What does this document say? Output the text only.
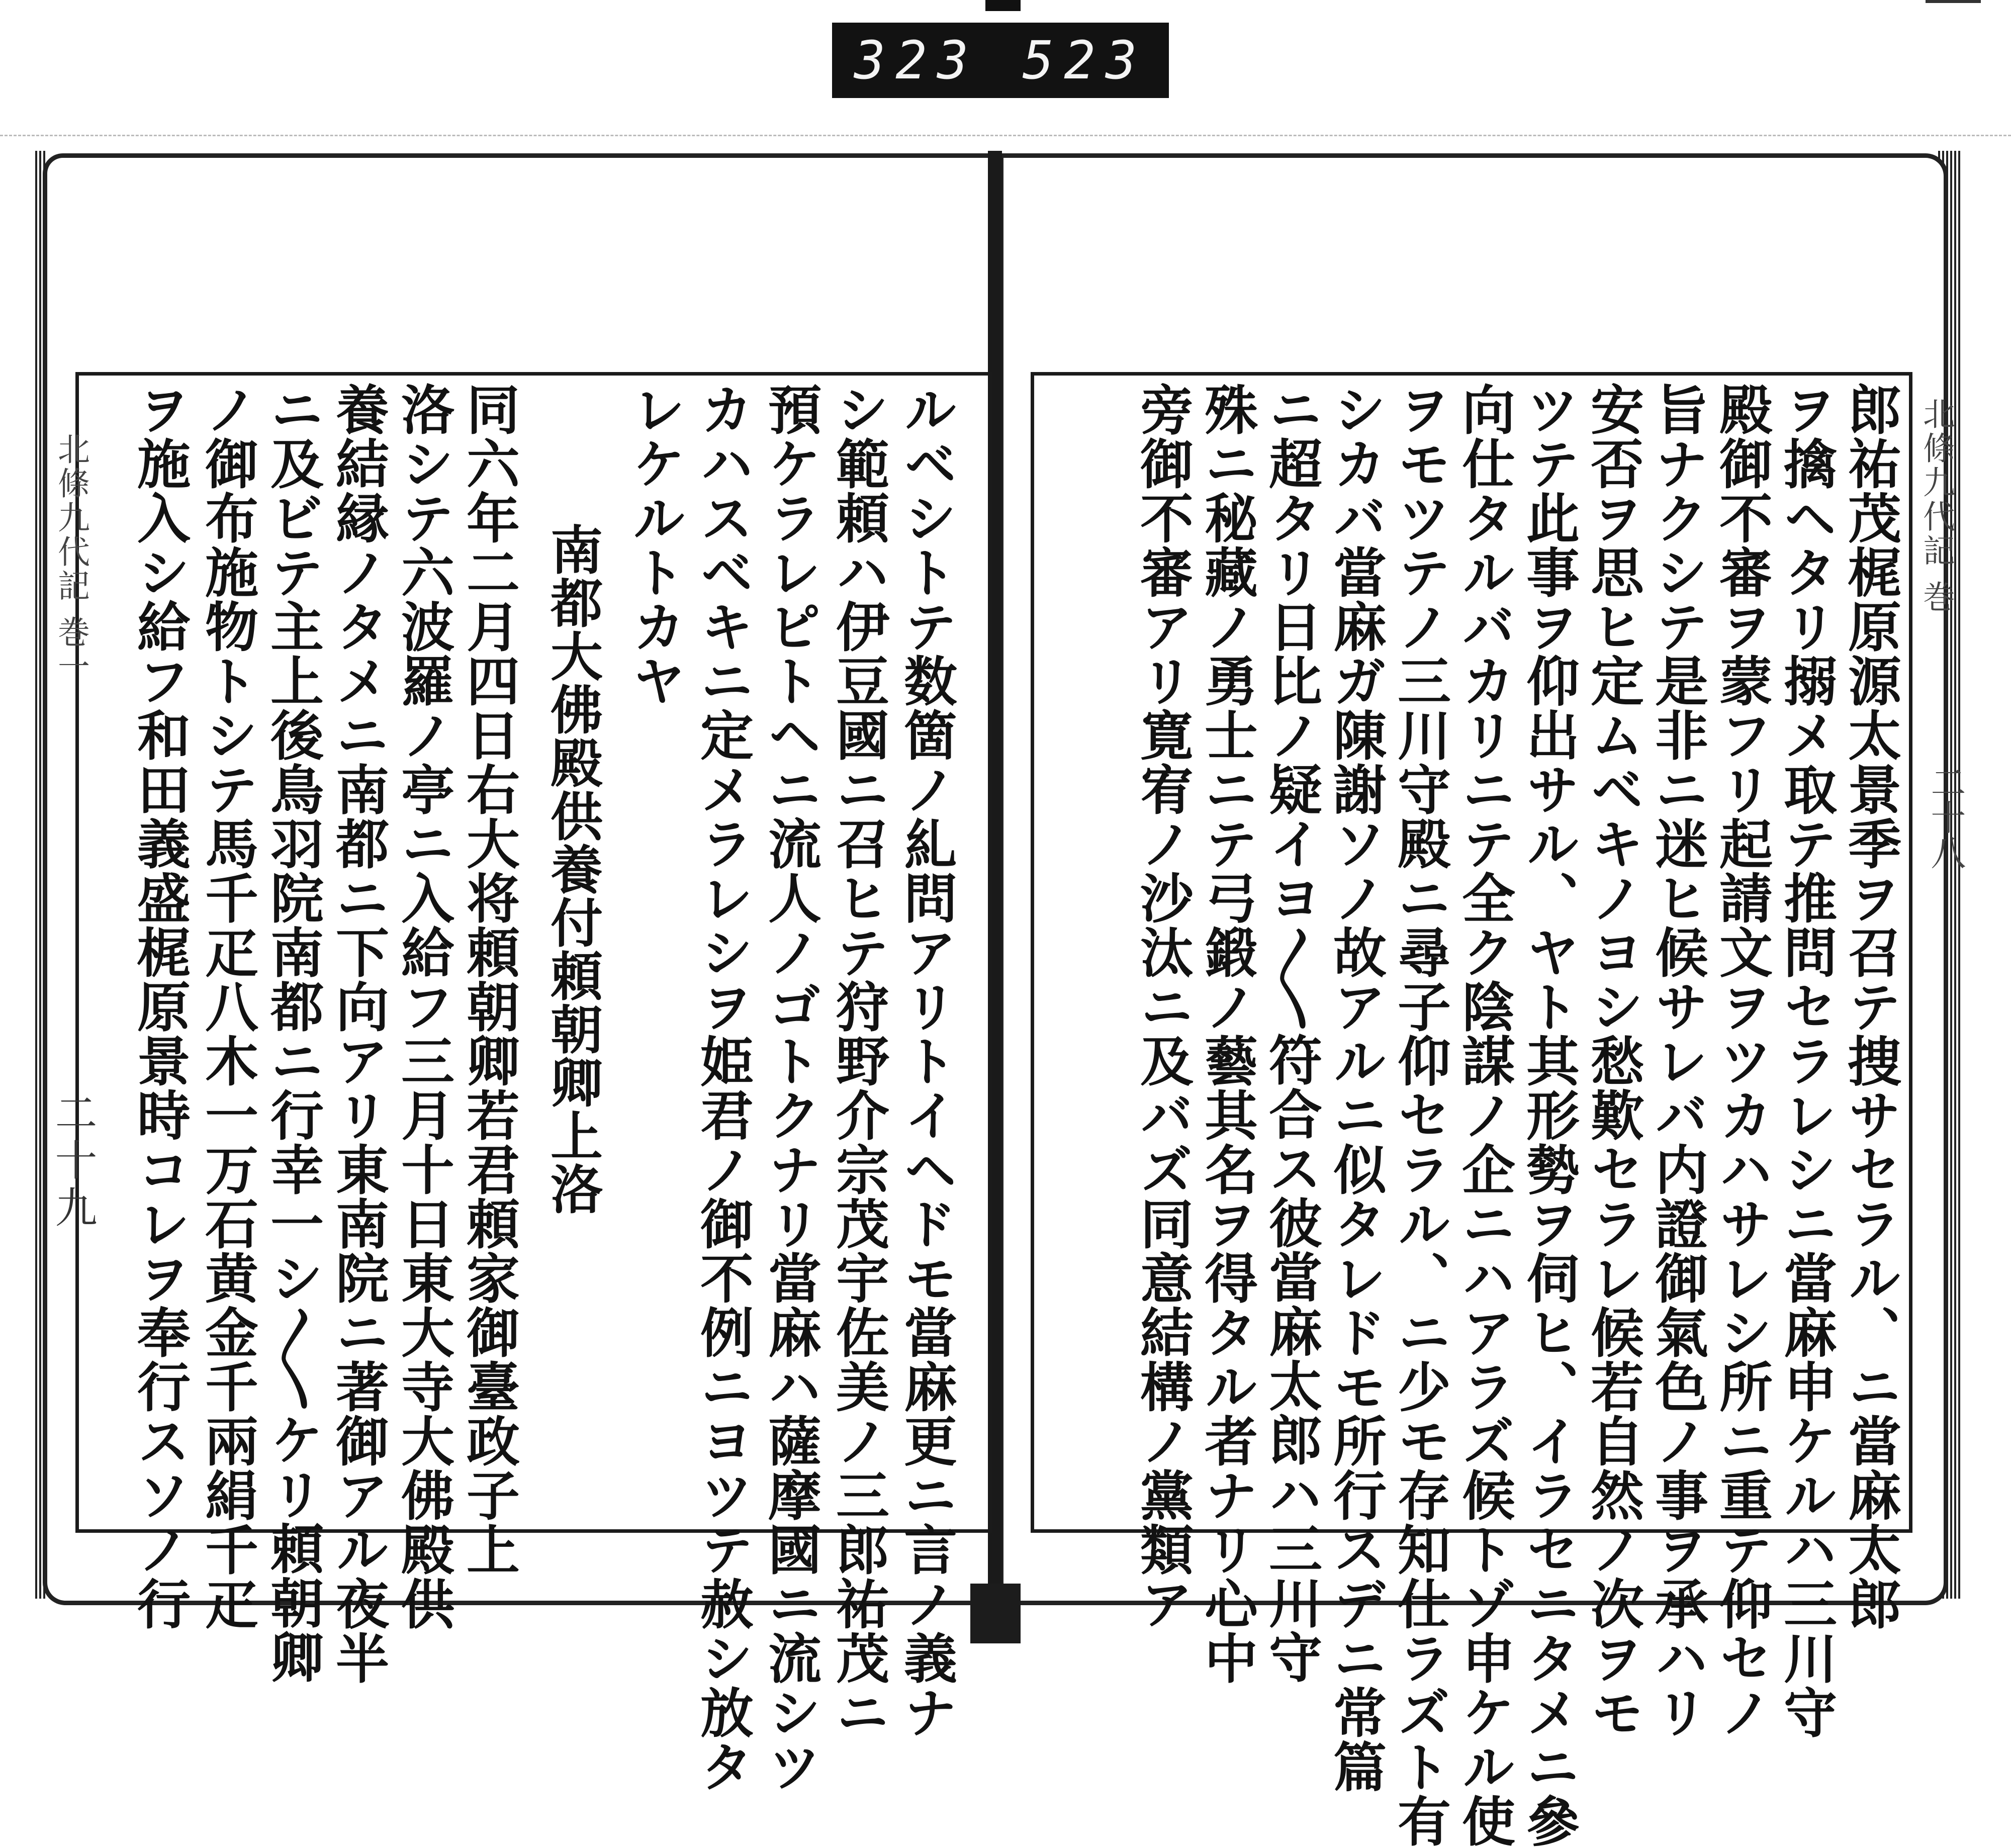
323 523
北條九代記 巻一
二十九
北條九代記 巻
二十八
郎祐茂梶原源太景季ヲ召テ捜サセラル、ニ當麻太郎
ヲ擒ヘタリ搦メ取テ推問セラレシニ當麻申ケルハ三川守
殿御不審ヲ蒙フリ起請文ヲツカハサレシ所ニ重テ仰セノ
旨ナクシテ是非ニ迷ヒ候サレバ内證御氣色ノ事ヲ承ハリ
安否ヲ思ヒ定ムベキノヨシ愁歎セラレ候若自然ノ次ヲモ
ツテ此事ヲ仰出サル、ヤト其形勢ヲ伺ヒ、イラセニタメニ參
向仕タルバカリニテ全ク陰謀ノ企ニハアラズ候トゾ申ケル使
ヲモツテノ三川守殿ニ尋子仰セラル、ニ少モ存知仕ラズト有
シカバ當麻ガ陳謝ソノ故アルニ似タレドモ所行スデニ常篇
ニ超タリ日比ノ疑イヨ〳〵符合ス彼當麻太郎ハ三川守
殊ニ秘藏ノ勇士ニテ弓鍛ノ藝其名ヲ得タル者ナリ心中
旁御不審アリ寛宥ノ沙汰ニ及バズ同意結構ノ黨類ア
ルベシトテ数箇ノ糺問アリトイヘドモ當麻更ニ言ノ義ナ
シ範頼ハ伊豆國ニ召ヒテ狩野介宗茂宇佐美ノ三郎祐茂ニ
預ケラレピトヘニ流人ノゴトクナリ當麻ハ薩摩國ニ流シツ
カハスベキニ定メラレシヲ姫君ノ御不例ニヨツテ赦シ放タ
レケルトカヤ
南都大佛殿供養付頼朝卿上洛
同六年二月四日右大将頼朝卿若君頼家御臺政子上
洛シテ六波羅ノ亭ニ入給フ三月十日東大寺大佛殿供
養結縁ノタメニ南都ニ下向アリ東南院ニ著御アル夜半
ニ及ビテ主上後鳥羽院南都ニ行幸一シ〳〵ケリ頼朝卿
ノ御布施物トシテ馬千疋八木一万石黄金千兩絹千疋
ヲ施入シ給フ和田義盛梶原景時コレヲ奉行スソノ行
